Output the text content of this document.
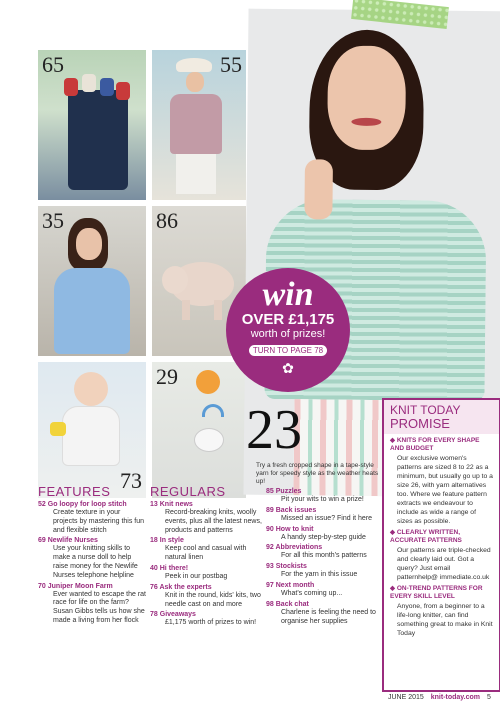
65	55
35	86
73
29
win
OVER £1,175
worth of prizes!
TURN TO PAGE 78
✿
23
Try a fresh cropped shape in a tape-style yarn for speedy style as the weather heats up!
KNIT TODAY
PROMISE
◆ KNITS FOR EVERY SHAPE AND BUDGET
Our exclusive women's patterns are sized 8 to 22 as a minimum, but usually go up to a size 26, with yarn alternatives too. Where we feature pattern extracts we endeavour to include as wide a range of sizes as possible.
◆ CLEARLY WRITTEN, ACCURATE PATTERNS
Our patterns are triple-checked and clearly laid out. Got a query? Just email patternhelp@ immediate.co.uk
◆ ON-TREND PATTERNS FOR EVERY SKILL LEVEL
Anyone, from a beginner to a life-long knitter, can find something great to make in Knit Today
FEATURES
52 Go loopy for loop stitch
Create texture in your projects by mastering this fun and flexible stitch
69 Newlife Nurses
Use your knitting skills to make a nurse doll to help raise money for the Newlife Nurses telephone helpline
70 Juniper Moon Farm
Ever wanted to escape the rat race for life on the farm? Susan Gibbs tells us how she made a living from her flock
REGULARS
13 Knit news
Record-breaking knits, woolly events, plus all the latest news, products and patterns
18 In style
Keep cool and casual with natural linen
40 Hi there!
Peek in our postbag
76 Ask the experts
Knit in the round, kids' kits, two needle cast on and more
78 Giveaways
£1,175 worth of prizes to win!
85 Puzzles
Pit your wits to win a prize!
89 Back issues
Missed an issue? Find it here
90 How to knit
A handy step-by-step guide
92 Abbreviations
For all this month's patterns
93 Stockists
For the yarn in this issue
97 Next month
What's coming up...
98 Back chat
Charlene is feeling the need to organise her supplies
JUNE 2015 knit-today.com 5
